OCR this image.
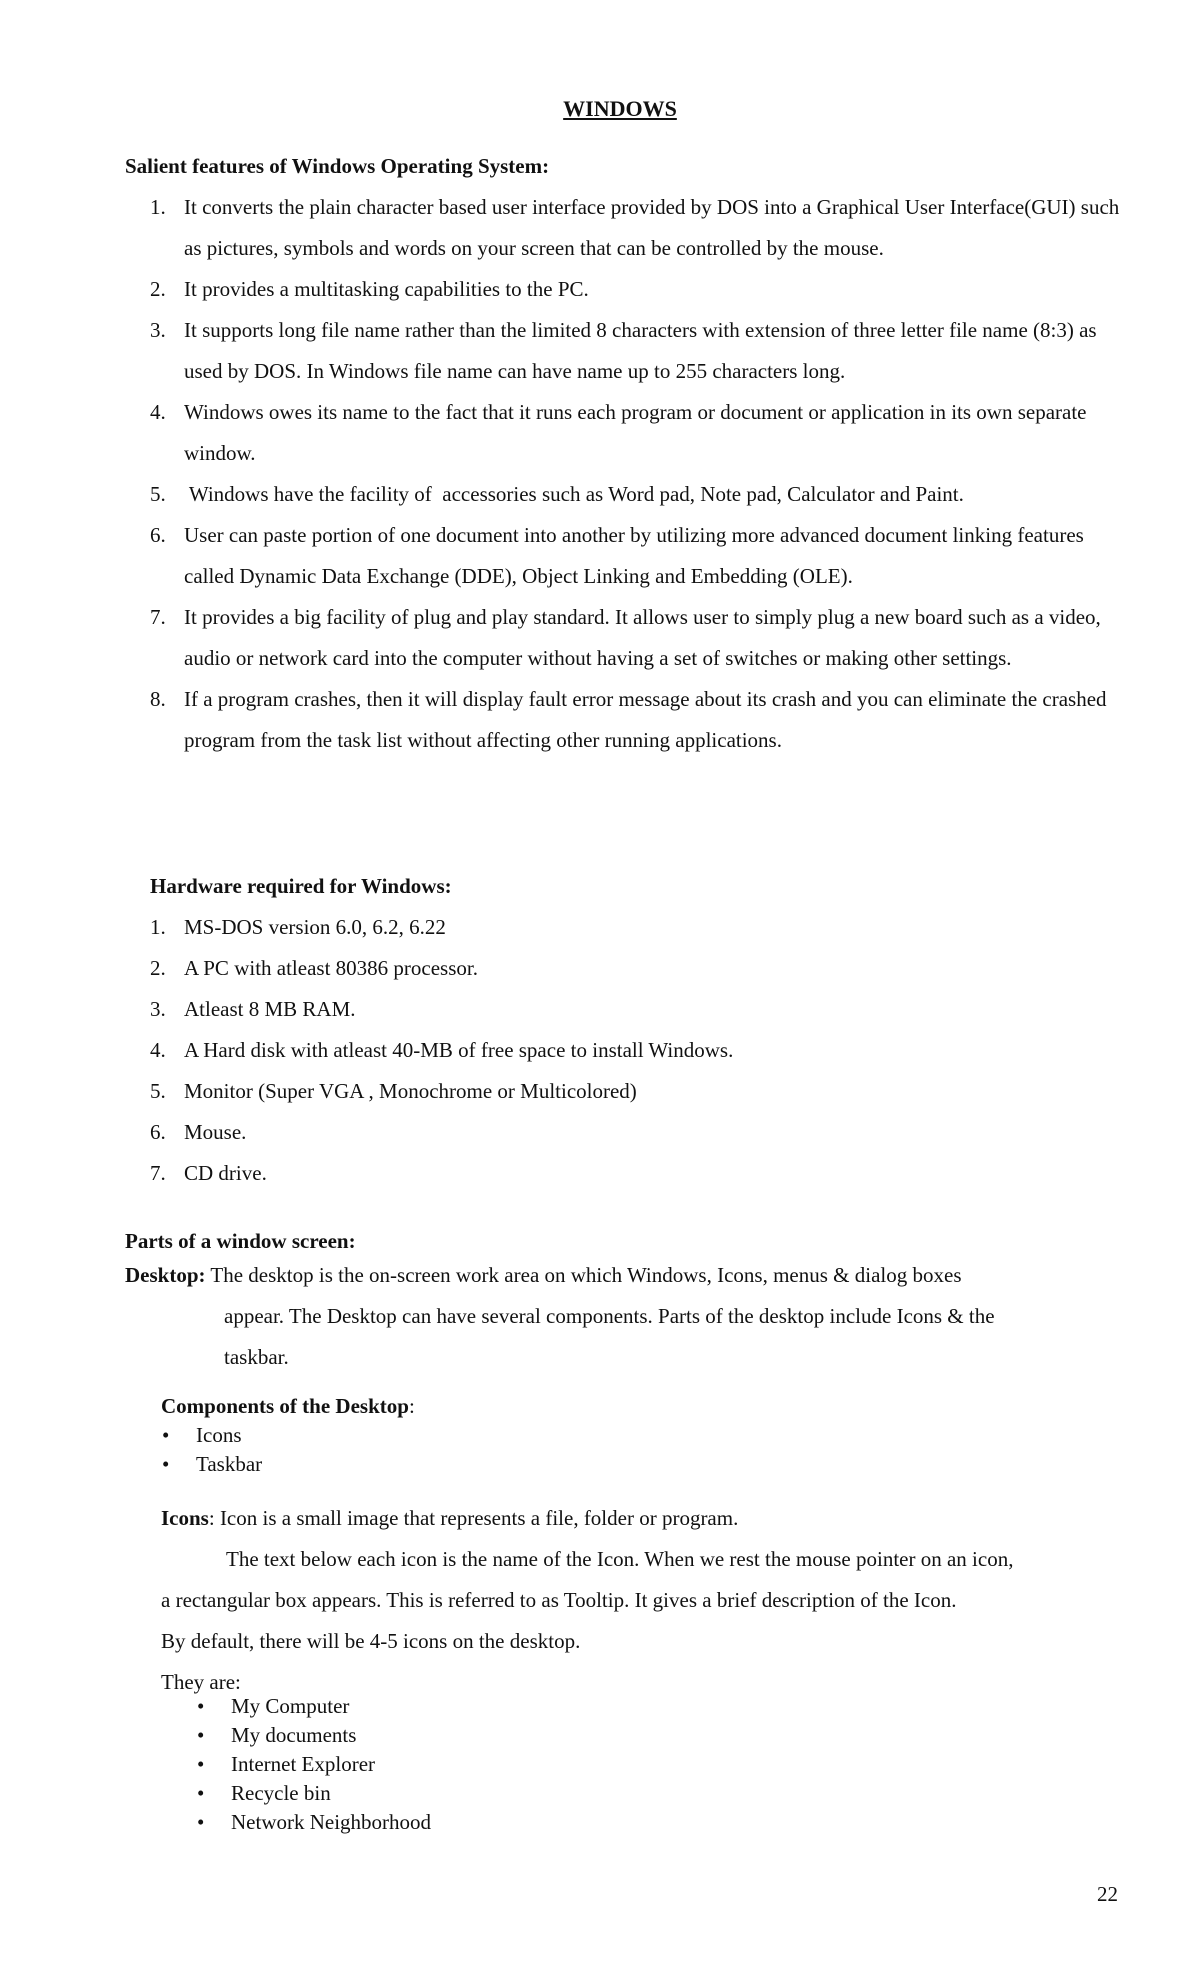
WINDOWS
Salient features of Windows Operating System:
1. It converts the plain character based user interface provided by DOS into a Graphical User Interface(GUI) such as pictures, symbols and words on your screen that can be controlled by the mouse.
2. It provides a multitasking capabilities to the PC.
3. It supports long file name rather than the limited 8 characters with extension of three letter file name (8:3) as used by DOS. In Windows file name can have name up to 255 characters long.
4. Windows owes its name to the fact that it runs each program or document or application in its own separate window.
5. Windows have the facility of  accessories such as Word pad, Note pad, Calculator and Paint.
6. User can paste portion of one document into another by utilizing more advanced document linking features called Dynamic Data Exchange (DDE), Object Linking and Embedding (OLE).
7. It provides a big facility of plug and play standard. It allows user to simply plug a new board such as a video, audio or network card into the computer without having a set of switches or making other settings.
8. If a program crashes, then it will display fault error message about its crash and you can eliminate the crashed program from the task list without affecting other running applications.
Hardware required for Windows:
1. MS-DOS version 6.0, 6.2, 6.22
2. A PC with atleast 80386 processor.
3. Atleast 8 MB RAM.
4. A Hard disk with atleast 40-MB of free space to install Windows.
5. Monitor (Super VGA , Monochrome or Multicolored)
6. Mouse.
7. CD drive.
Parts of a window screen:

Desktop: The desktop is the on-screen work area on which Windows, Icons, menus & dialog boxes

appear. The Desktop can have several components. Parts of the desktop include Icons & the

taskbar.

Components of the Desktop:
• Icons
• Taskbar

Icons: Icon is a small image that represents a file, folder or program.

The text below each icon is the name of the Icon. When we rest the mouse pointer on an icon,

a rectangular box appears. This is referred to as Tooltip. It gives a brief description of the Icon.

By default, there will be 4-5 icons on the desktop.

They are:

• My Computer
• My documents
• Internet Explorer
• Recycle bin
• Network Neighborhood
22
